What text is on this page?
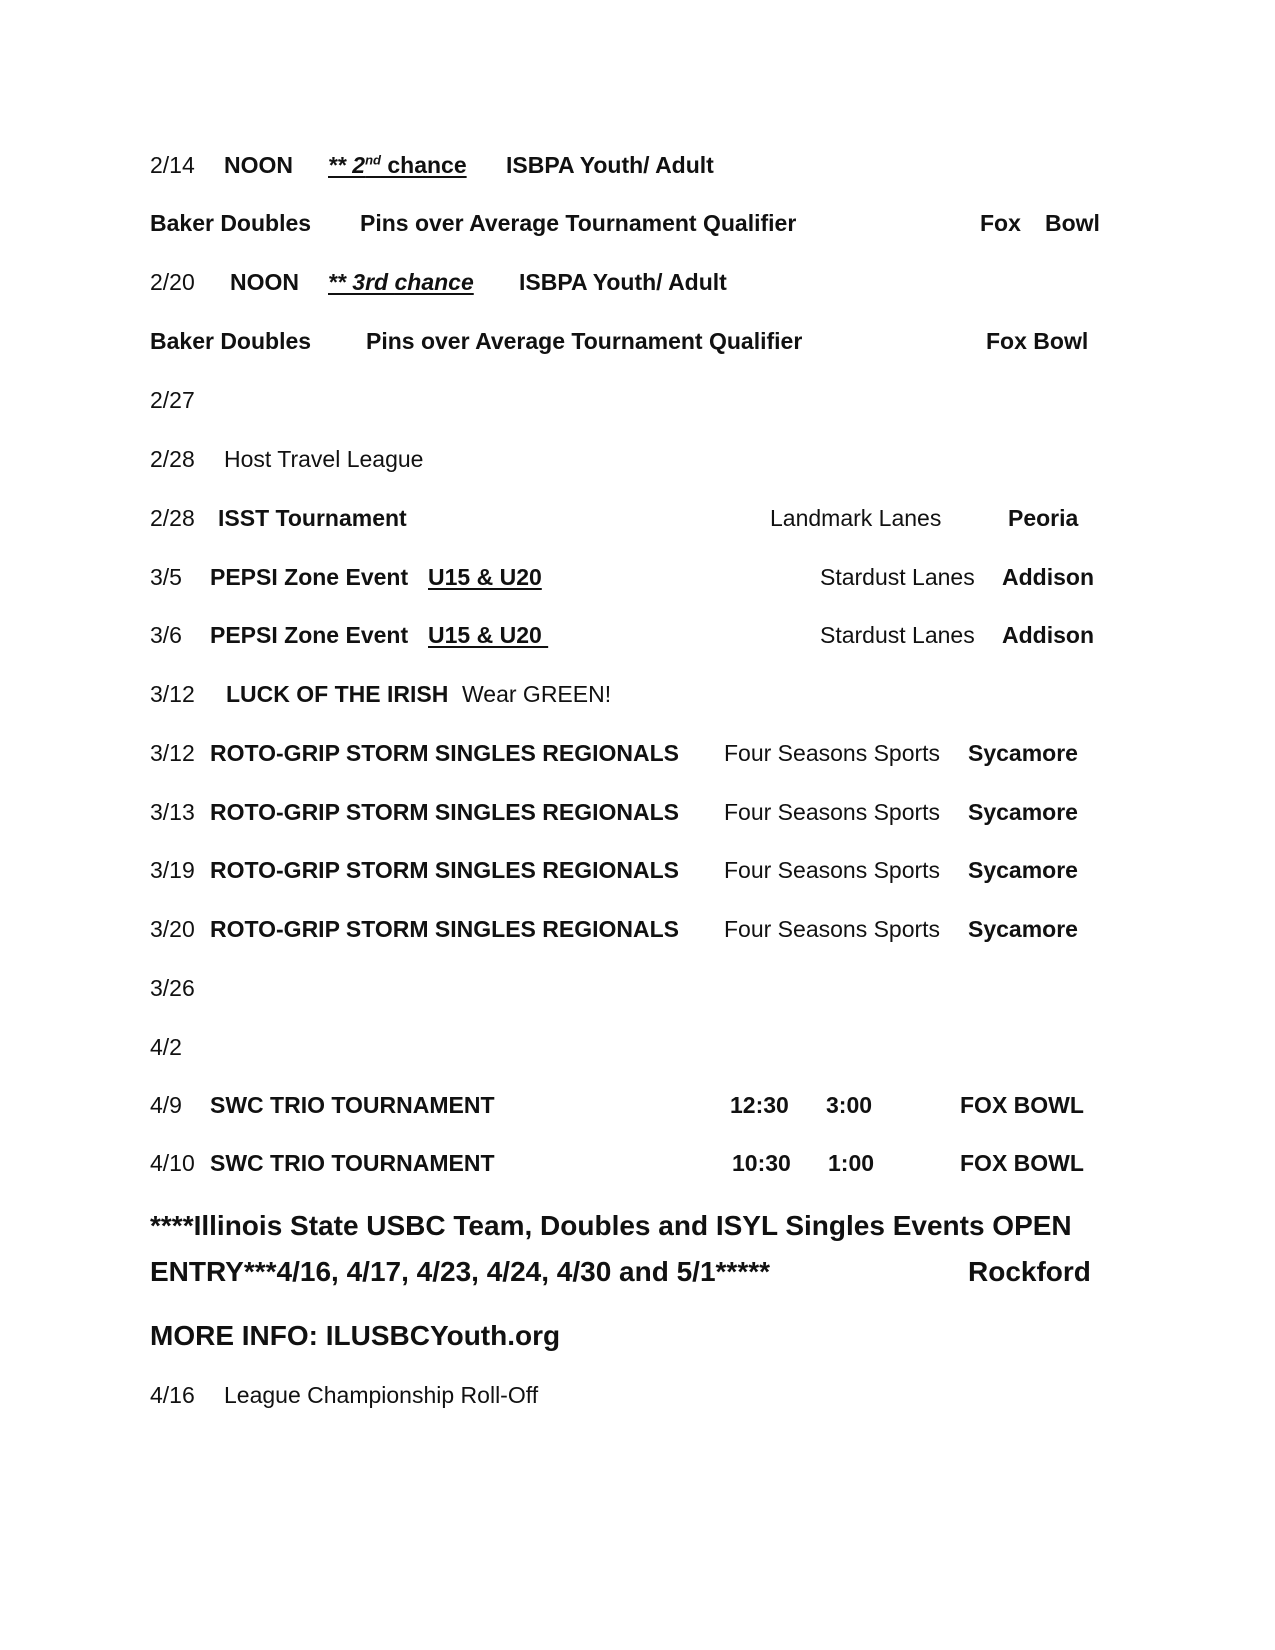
2/14 NOON ** 2nd chance ISBPA Youth/ Adult
Baker Doubles Pins over Average Tournament Qualifier	Fox Bowl
2/20 NOON ** 3rd chance ISBPA Youth/ Adult
Baker Doubles Pins over Average Tournament Qualifier	Fox Bowl
2/27
2/28 Host Travel League
2/28 ISST Tournament	Landmark Lanes	Peoria
3/5 PEPSI Zone Event U15 & U20	Stardust Lanes Addison
3/6 PEPSI Zone Event U15 & U20	Stardust Lanes Addison
3/12 LUCK OF THE IRISH Wear GREEN!
3/12 ROTO-GRIP STORM SINGLES REGIONALS Four Seasons Sports Sycamore
3/13 ROTO-GRIP STORM SINGLES REGIONALS Four Seasons Sports Sycamore
3/19 ROTO-GRIP STORM SINGLES REGIONALS Four Seasons Sports Sycamore
3/20 ROTO-GRIP STORM SINGLES REGIONALS Four Seasons Sports Sycamore
3/26
4/2
4/9 SWC TRIO TOURNAMENT	12:30 3:00	FOX BOWL
4/10 SWC TRIO TOURNAMENT	10:30 1:00	FOX BOWL
****Illinois State USBC Team, Doubles and ISYL Singles Events OPEN
ENTRY***4/16, 4/17, 4/23, 4/24, 4/30 and 5/1*****	Rockford
MORE INFO: ILUSBCYouth.org
4/16 League Championship Roll-Off
